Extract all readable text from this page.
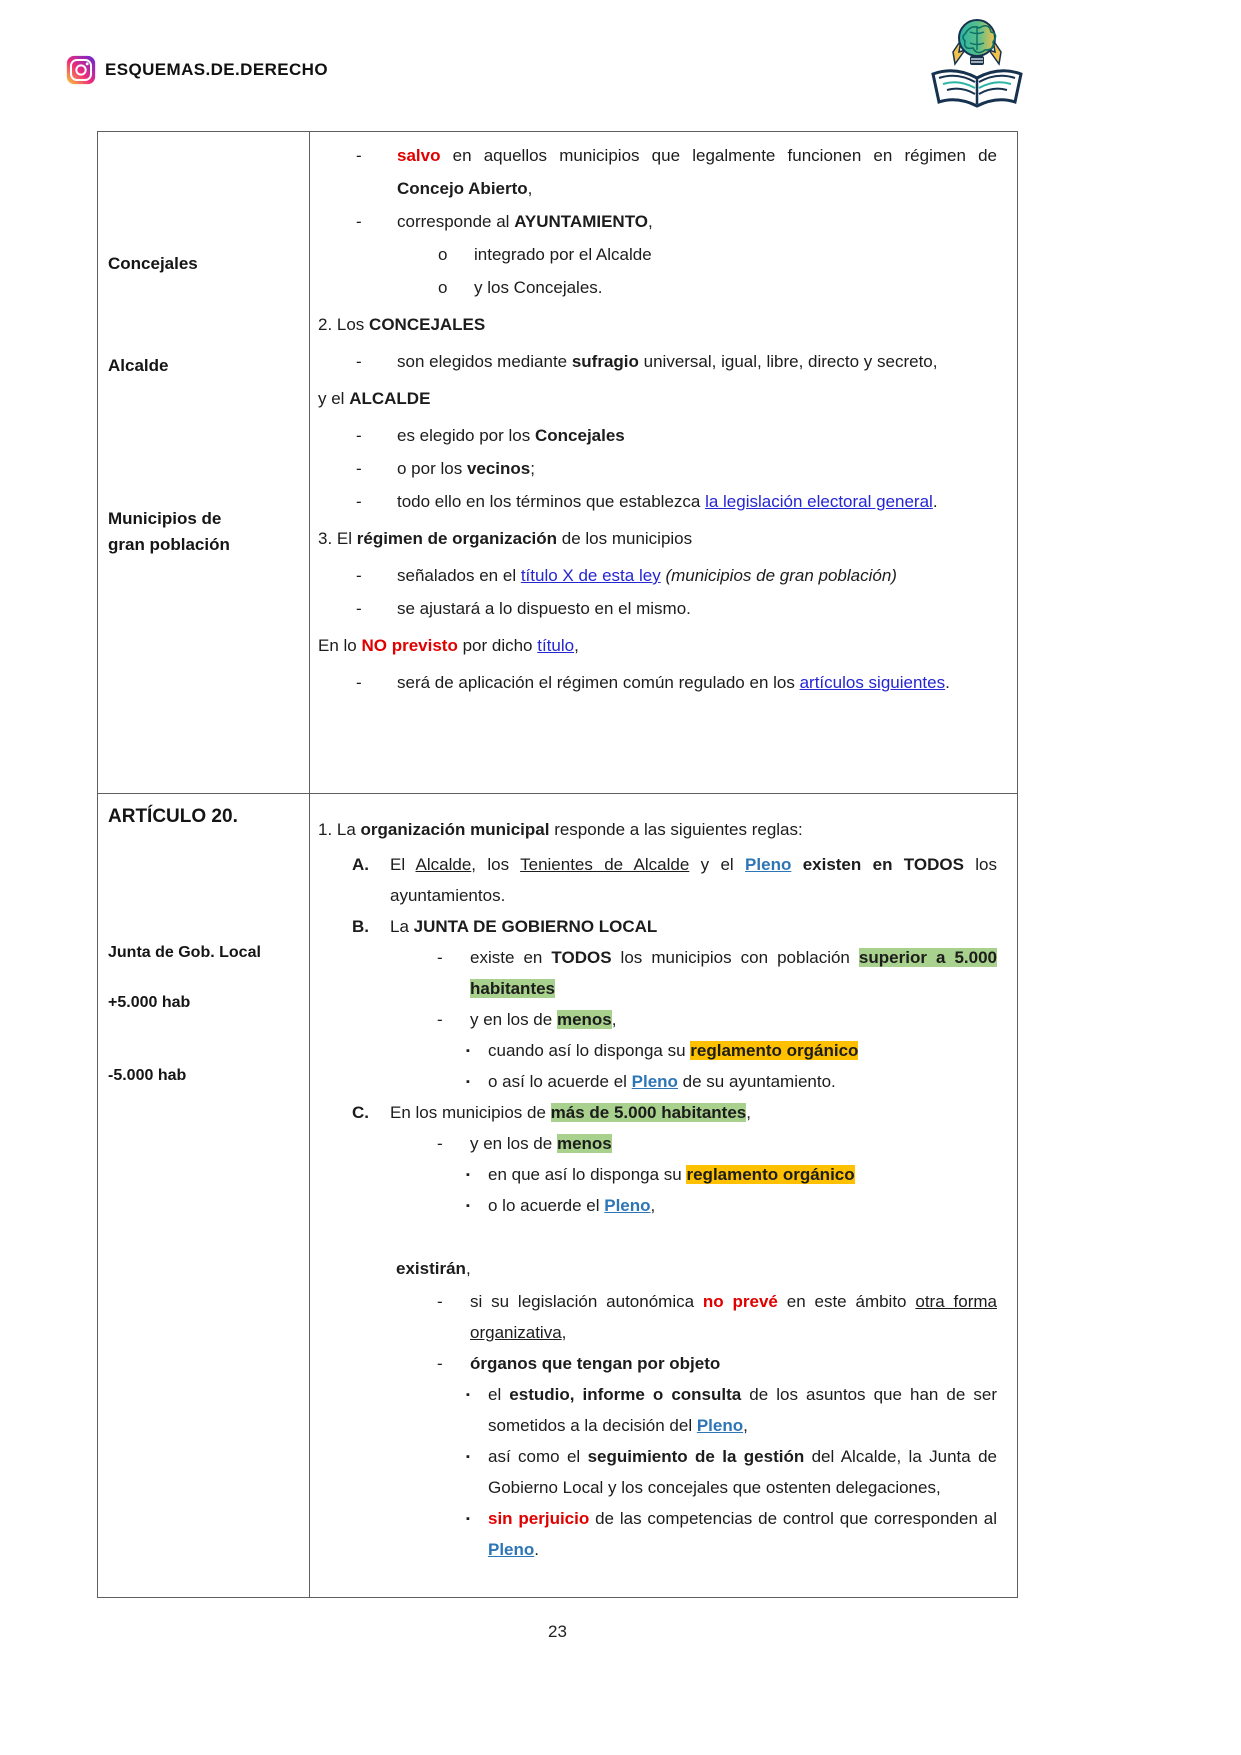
ESQUEMAS.DE.DERECHO
Concejales
Alcalde
Municipios de gran población
- salvo en aquellos municipios que legalmente funcionen en régimen de Concejo Abierto,
- corresponde al AYUNTAMIENTO,
o integrado por el Alcalde
o y los Concejales.
2. Los CONCEJALES
- son elegidos mediante sufragio universal, igual, libre, directo y secreto,
y el ALCALDE
- es elegido por los Concejales
- o por los vecinos;
- todo ello en los términos que establezca la legislación electoral general.
3. El régimen de organización de los municipios
- señalados en el título X de esta ley (municipios de gran población)
- se ajustará a lo dispuesto en el mismo.
En lo NO previsto por dicho título,
- será de aplicación el régimen común regulado en los artículos siguientes.
ARTÍCULO 20.
Junta de Gob. Local
+5.000 hab
-5.000 hab
1. La organización municipal responde a las siguientes reglas:
A. El Alcalde, los Tenientes de Alcalde y el Pleno existen en TODOS los ayuntamientos.
B. La JUNTA DE GOBIERNO LOCAL
- existe en TODOS los municipios con población superior a 5.000 habitantes
- y en los de menos,
▪ cuando así lo disponga su reglamento orgánico
▪ o así lo acuerde el Pleno de su ayuntamiento.
C. En los municipios de más de 5.000 habitantes,
- y en los de menos
▪ en que así lo disponga su reglamento orgánico
▪ o lo acuerde el Pleno,
existirán,
- si su legislación autonómica no prevé en este ámbito otra forma organizativa,
- órganos que tengan por objeto
▪ el estudio, informe o consulta de los asuntos que han de ser sometidos a la decisión del Pleno,
▪ así como el seguimiento de la gestión del Alcalde, la Junta de Gobierno Local y los concejales que ostenten delegaciones,
▪ sin perjuicio de las competencias de control que corresponden al Pleno.
23
